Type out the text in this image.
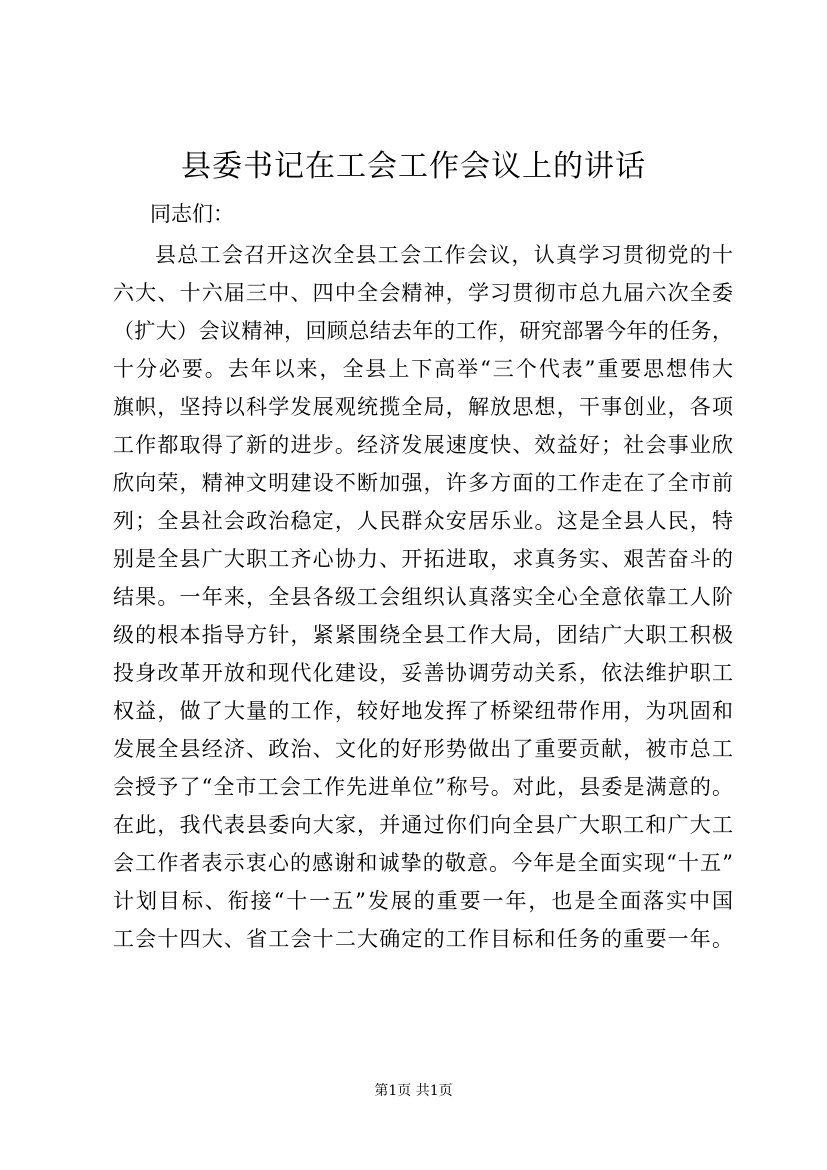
县委书记在工会工作会议上的讲话
同志们：
县总工会召开这次全县工会工作会议，认真学习贯彻党的十
六大、十六届三中、四中全会精神，学习贯彻市总九届六次全委
（扩大）会议精神，回顾总结去年的工作，研究部署今年的任务，
十分必要。去年以来，全县上下高举“三个代表”重要思想伟大
旗帜，坚持以科学发展观统揽全局，解放思想，干事创业，各项
工作都取得了新的进步。经济发展速度快、效益好；社会事业欣
欣向荣，精神文明建设不断加强，许多方面的工作走在了全市前
列；全县社会政治稳定，人民群众安居乐业。这是全县人民，特
别是全县广大职工齐心协力、开拓进取，求真务实、艰苦奋斗的
结果。一年来，全县各级工会组织认真落实全心全意依靠工人阶
级的根本指导方针，紧紧围绕全县工作大局，团结广大职工积极
投身改革开放和现代化建设，妥善协调劳动关系，依法维护职工
权益，做了大量的工作，较好地发挥了桥梁纽带作用，为巩固和
发展全县经济、政治、文化的好形势做出了重要贡献，被市总工
会授予了“全市工会工作先进单位”称号。对此，县委是满意的。
在此，我代表县委向大家，并通过你们向全县广大职工和广大工
会工作者表示衷心的感谢和诚挚的敬意。今年是全面实现“十五”
计划目标、衔接“十一五”发展的重要一年，也是全面落实中国
工会十四大、省工会十二大确定的工作目标和任务的重要一年。
第1页 共1页
